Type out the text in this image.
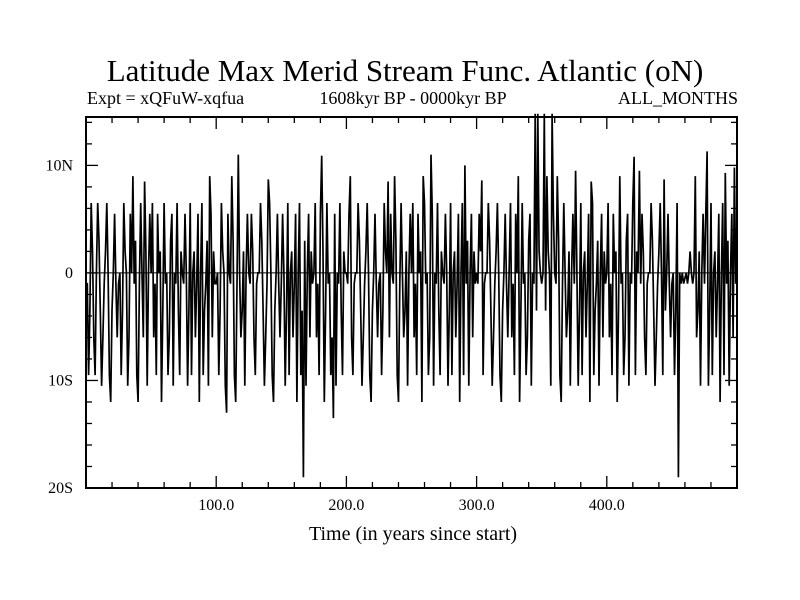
Latitude Max Merid Stream Func. Atlantic (oN)
Expt = xQFuW-xqfua	1608kyr BP - 0000kyr BP	ALL_MONTHS
Time (in years since start)
100.0	200.0	300.0	400.0
10N
0
10S
20S
